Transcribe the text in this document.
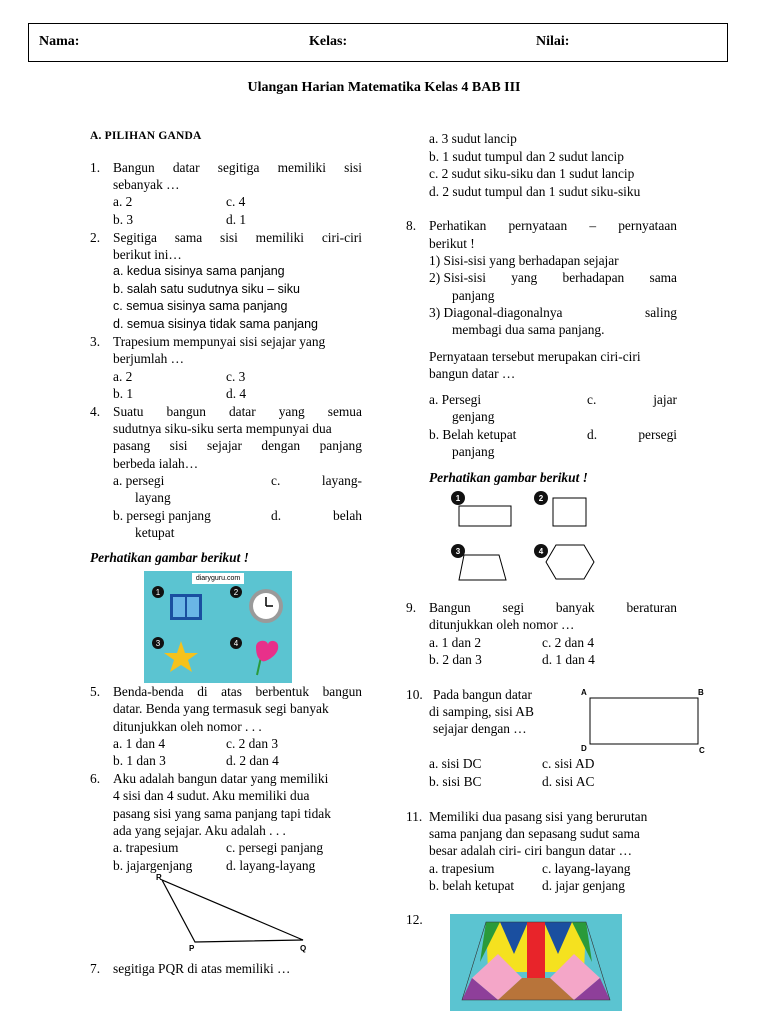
Nama:	Kelas:	Nilai:
Ulangan Harian Matematika Kelas 4 BAB III
A. PILIHAN GANDA
1. Bangun datar segitiga memiliki sisi
sebanyak …
a. 2	c. 4
b. 3	d. 1
2. Segitiga sama sisi memiliki ciri-ciri
berikut ini…
a. kedua sisinya sama panjang
b. salah satu sudutnya siku – siku
c. semua sisinya sama panjang
d. semua sisinya tidak sama panjang
3. Trapesium mempunyai sisi sejajar yang
berjumlah …
a. 2	c. 3
b. 1	d. 4
4. Suatu bangun datar yang semua
sudutnya siku-siku serta mempunyai dua
pasang sisi sejajar dengan panjang
berbeda ialah…
a. persegi	c.	layang-
layang
b. persegi panjang	d.	belah
ketupat
Perhatikan gambar berikut !
diaryguru.com
1	2
3	4
5. Benda-benda di atas berbentuk bangun
datar. Benda yang termasuk segi banyak
ditunjukkan oleh nomor . . .
a. 1 dan 4	c. 2 dan 3
b. 1 dan 3	d. 2 dan 4
6. Aku adalah bangun datar yang memiliki
4 sisi dan 4 sudut. Aku memiliki dua
pasang sisi yang sama panjang tapi tidak
ada yang sejajar. Aku adalah . . .
a. trapesium	c. persegi panjang
b. jajargenjang	d. layang-layang
R
P	Q
7. segitiga PQR di atas memiliki …
a. 3 sudut lancip
b. 1 sudut tumpul dan 2 sudut lancip
c. 2 sudut siku-siku dan 1 sudut lancip
d. 2 sudut tumpul dan 1 sudut siku-siku
8. Perhatikan pernyataan – pernyataan
berikut !
1) Sisi-sisi yang berhadapan sejajar
2) Sisi-sisi yang berhadapan sama
panjang
3) Diagonal-diagonalnya	saling
membagi dua sama panjang.
Pernyataan tersebut merupakan ciri-ciri
bangun datar …
a. Persegi	c.	jajar
genjang
b. Belah ketupat	d.	persegi
panjang
Perhatikan gambar berikut !
1	2
3	4
9. Bangun segi banyak beraturan
ditunjukkan oleh nomor …
a. 1 dan 2	c. 2 dan 4
b. 2 dan 3	d. 1 dan 4
10. Pada bangun datar
di samping, sisi AB
sejajar dengan …
A	B
C
D
a. sisi DC	c. sisi AD
b. sisi BC	d. sisi AC
11. Memiliki dua pasang sisi yang berurutan
sama panjang dan sepasang sudut sama
besar adalah ciri- ciri bangun datar …
a. trapesium	c. layang-layang
b. belah ketupat d. jajar genjang
12.
